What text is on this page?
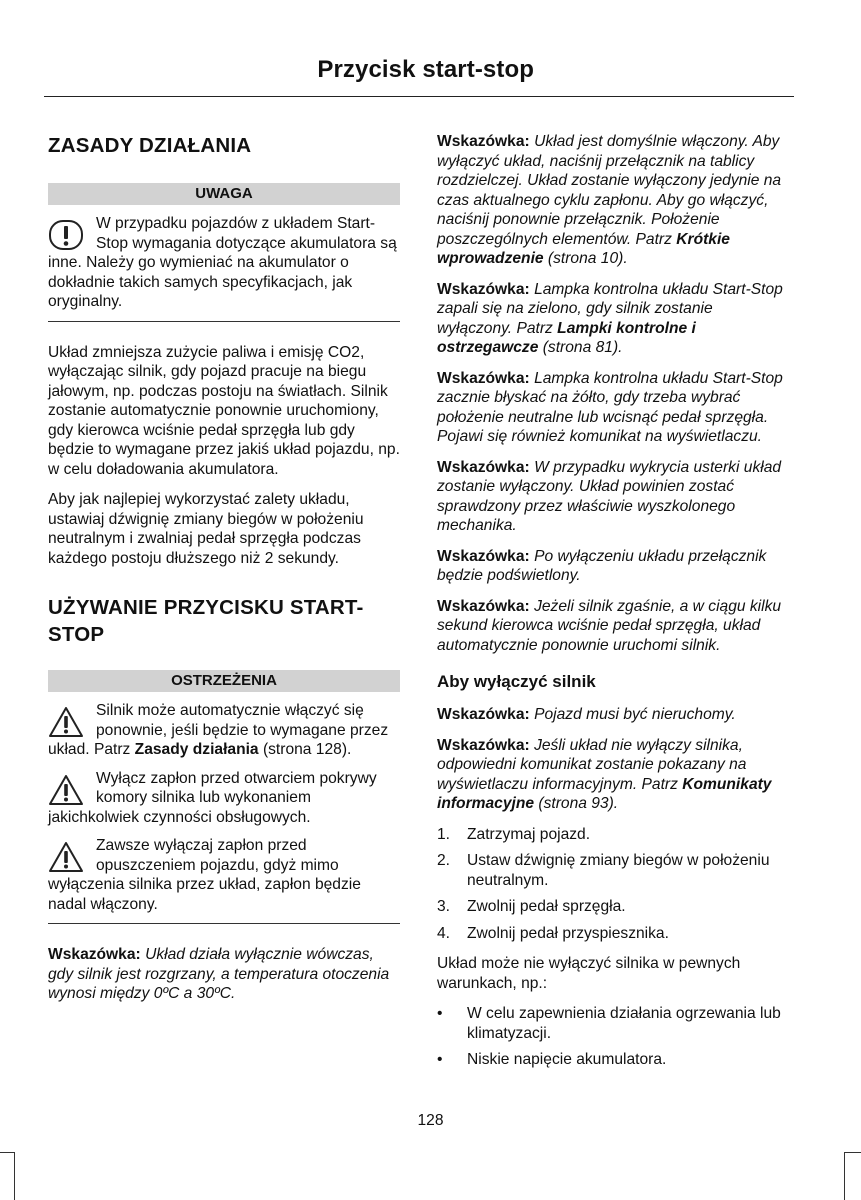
Przycisk start-stop
ZASADY DZIAŁANIA
UWAGA

W przypadku pojazdów z układem Start-Stop wymagania dotyczące akumulatora są inne. Należy go wymieniać na akumulator o dokładnie takich samych specyfikacjach, jak oryginalny.

Układ zmniejsza zużycie paliwa i emisję CO2, wyłączając silnik, gdy pojazd pracuje na biegu jałowym, np. podczas postoju na światłach. Silnik zostanie automatycznie ponownie uruchomiony, gdy kierowca wciśnie pedał sprzęgła lub gdy będzie to wymagane przez jakiś układ pojazdu, np. w celu doładowania akumulatora.

Aby jak najlepiej wykorzystać zalety układu, ustawiaj dźwignię zmiany biegów w położeniu neutralnym i zwalniaj pedał sprzęgła podczas każdego postoju dłuższego niż 2 sekundy.

UŻYWANIE PRZYCISKU START-STOP
OSTRZEŻENIA

Silnik może automatycznie włączyć się ponownie, jeśli będzie to wymagane przez układ. Patrz Zasady działania (strona 128).

Wyłącz zapłon przed otwarciem pokrywy komory silnika lub wykonaniem jakichkolwiek czynności obsługowych.

Zawsze wyłączaj zapłon przed opuszczeniem pojazdu, gdyż mimo wyłączenia silnika przez układ, zapłon będzie nadal włączony.

Wskazówka: Układ działa wyłącznie wówczas, gdy silnik jest rozgrzany, a temperatura otoczenia wynosi między 0ºC a 30ºC.

Wskazówka: Układ jest domyślnie włączony. Aby wyłączyć układ, naciśnij przełącznik na tablicy rozdzielczej. Układ zostanie wyłączony jedynie na czas aktualnego cyklu zapłonu. Aby go włączyć, naciśnij ponownie przełącznik. Położenie poszczególnych elementów. Patrz Krótkie wprowadzenie (strona 10).

Wskazówka: Lampka kontrolna układu Start-Stop zapali się na zielono, gdy silnik zostanie wyłączony. Patrz Lampki kontrolne i ostrzegawcze (strona 81).

Wskazówka: Lampka kontrolna układu Start-Stop zacznie błyskać na żółto, gdy trzeba wybrać położenie neutralne lub wcisnąć pedał sprzęgła. Pojawi się również komunikat na wyświetlaczu.

Wskazówka: W przypadku wykrycia usterki układ zostanie wyłączony. Układ powinien zostać sprawdzony przez właściwie wyszkolonego mechanika.

Wskazówka: Po wyłączeniu układu przełącznik będzie podświetlony.

Wskazówka: Jeżeli silnik zgaśnie, a w ciągu kilku sekund kierowca wciśnie pedał sprzęgła, układ automatycznie ponownie uruchomi silnik.

Aby wyłączyć silnik

Wskazówka: Pojazd musi być nieruchomy.

Wskazówka: Jeśli układ nie wyłączy silnika, odpowiedni komunikat zostanie pokazany na wyświetlaczu informacyjnym. Patrz Komunikaty informacyjne (strona 93).

1. Zatrzymaj pojazd.
2. Ustaw dźwignię zmiany biegów w położeniu neutralnym.
3. Zwolnij pedał sprzęgła.
4. Zwolnij pedał przyspiesznika.

Układ może nie wyłączyć silnika w pewnych warunkach, np.:

• W celu zapewnienia działania ogrzewania lub klimatyzacji.
• Niskie napięcie akumulatora.
128
